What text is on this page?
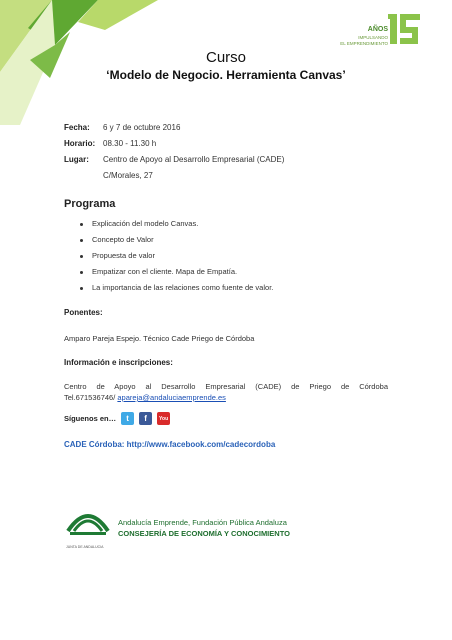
AÑOS
IMPULSANDO
EL EMPRENDIMIENTO
Curso
‘Modelo de Negocio. Herramienta Canvas’
Fecha:	6 y 7 de octubre 2016
Horario: 08.30 - 11.30 h
Lugar:	Centro de Apoyo al Desarrollo Empresarial (CADE)
C/Morales, 27
Programa
Explicación del modelo Canvas.
Concepto de Valor
Propuesta de valor
Empatizar con el cliente. Mapa de Empatía.
La importancia de las relaciones como fuente de valor.
Ponentes:
Amparo Pareja Espejo. Técnico Cade Priego de Córdoba
Información e inscripciones:
Centro de Apoyo al Desarrollo Empresarial (CADE) de Priego de Córdoba
Tel.671536746/ apareja@andaluciaemprende.es
Síguenos en…	t	f	You

CADE Córdoba: http://www.facebook.com/cadecordoba
JUNTA DE ANDALUCIA
Andalucía Emprende, Fundación Pública Andaluza
CONSEJERÍA DE ECONOMÍA Y CONOCIMIENTO
